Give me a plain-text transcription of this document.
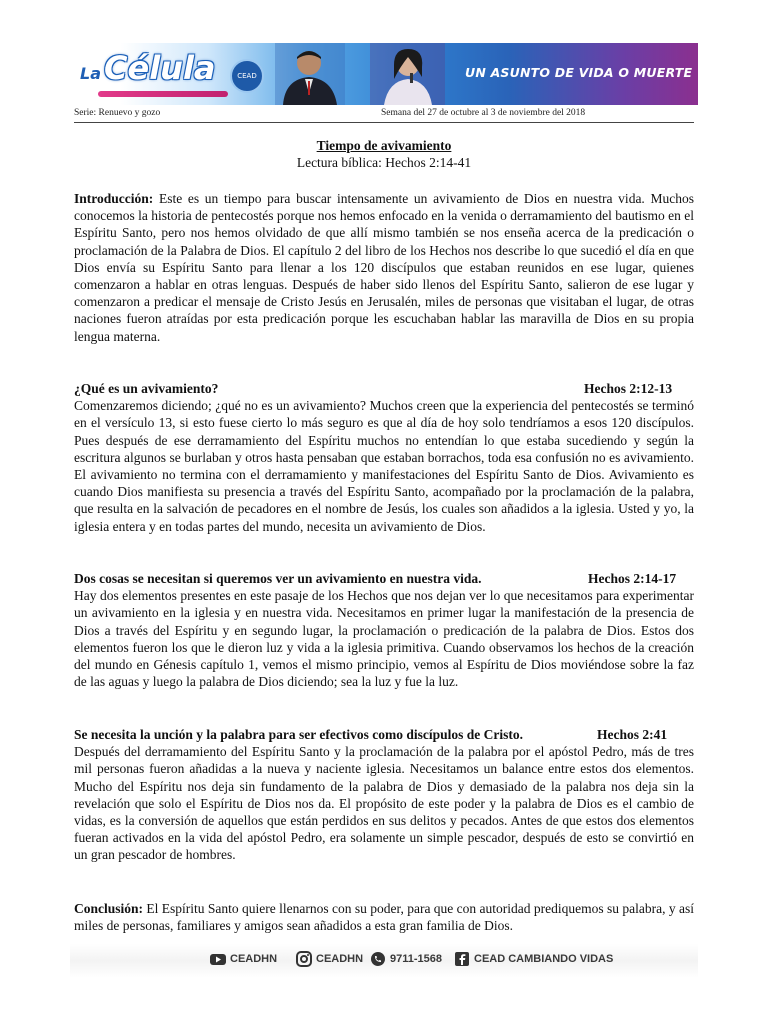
La Célula	CEAD	UN ASUNTO DE VIDA O MUERTE
Serie: Renuevo y gozo	Semana del 27 de octubre al 3 de noviembre del 2018
Tiempo de avivamiento
Lectura bíblica: Hechos 2:14-41
Introducción: Este es un tiempo para buscar intensamente un avivamiento de Dios en nuestra vida. Muchos conocemos la historia de pentecostés porque nos hemos enfocado en la venida o derramamiento del bautismo en el Espíritu Santo, pero nos hemos olvidado de que allí mismo también se nos enseña acerca de la predicación o proclamación de la Palabra de Dios. El capítulo 2 del libro de los Hechos nos describe lo que sucedió el día en que Dios envía su Espíritu Santo para llenar a los 120 discípulos que estaban reunidos en ese lugar, quienes comenzaron a hablar en otras lenguas. Después de haber sido llenos del Espíritu Santo, salieron de ese lugar y comenzaron a predicar el mensaje de Cristo Jesús en Jerusalén, miles de personas que visitaban el lugar, de otras naciones fueron atraídas por esta predicación porque les escuchaban hablar las maravilla de Dios en su propia lengua materna.
¿Qué es un avivamiento?	Hechos 2:12-13
Comenzaremos diciendo; ¿qué no es un avivamiento? Muchos creen que la experiencia del pentecostés se terminó en el versículo 13, si esto fuese cierto lo más seguro es que al día de hoy solo tendríamos a esos 120 discípulos. Pues después de ese derramamiento del Espíritu muchos no entendían lo que estaba sucediendo y según la escritura algunos se burlaban y otros hasta pensaban que estaban borrachos, toda esa confusión no es avivamiento. El avivamiento no termina con el derramamiento y manifestaciones del Espíritu Santo de Dios. Avivamiento es cuando Dios manifiesta su presencia a través del Espíritu Santo, acompañado por la proclamación de la palabra, que resulta en la salvación de pecadores en el nombre de Jesús, los cuales son añadidos a la iglesia. Usted y yo, la iglesia entera y en todas partes del mundo, necesita un avivamiento de Dios.
Dos cosas se necesitan si queremos ver un avivamiento en nuestra vida.	Hechos 2:14-17
Hay dos elementos presentes en este pasaje de los Hechos que nos dejan ver lo que necesitamos para experimentar un avivamiento en la iglesia y en nuestra vida. Necesitamos en primer lugar la manifestación de la presencia de Dios a través del Espíritu y en segundo lugar, la proclamación o predicación de la palabra de Dios. Estos dos elementos fueron los que le dieron luz y vida a la iglesia primitiva. Cuando observamos los hechos de la creación del mundo en Génesis capítulo 1, vemos el mismo principio, vemos al Espíritu de Dios moviéndose sobre la faz de las aguas y luego la palabra de Dios diciendo; sea la luz y fue la luz.
Se necesita la unción y la palabra para ser efectivos como discípulos de Cristo.	Hechos 2:41
Después del derramamiento del Espíritu Santo y la proclamación de la palabra por el apóstol Pedro, más de tres mil personas fueron añadidas a la nueva y naciente iglesia. Necesitamos un balance entre estos dos elementos. Mucho del Espíritu nos deja sin fundamento de la palabra de Dios y demasiado de la palabra nos deja sin la revelación que solo el Espíritu de Dios nos da. El propósito de este poder y la palabra de Dios es el cambio de vidas, es la conversión de aquellos que están perdidos en sus delitos y pecados. Antes de que estos dos elementos fueran activados en la vida del apóstol Pedro, era solamente un simple pescador, después de esto se convirtió en un gran pescador de hombres.
Conclusión: El Espíritu Santo quiere llenarnos con su poder, para que con autoridad prediquemos su palabra, y así miles de personas, familiares y amigos sean añadidos a esta gran familia de Dios.
CEADHN	CEADHN 9711-1568	CEAD CAMBIANDO VIDAS
